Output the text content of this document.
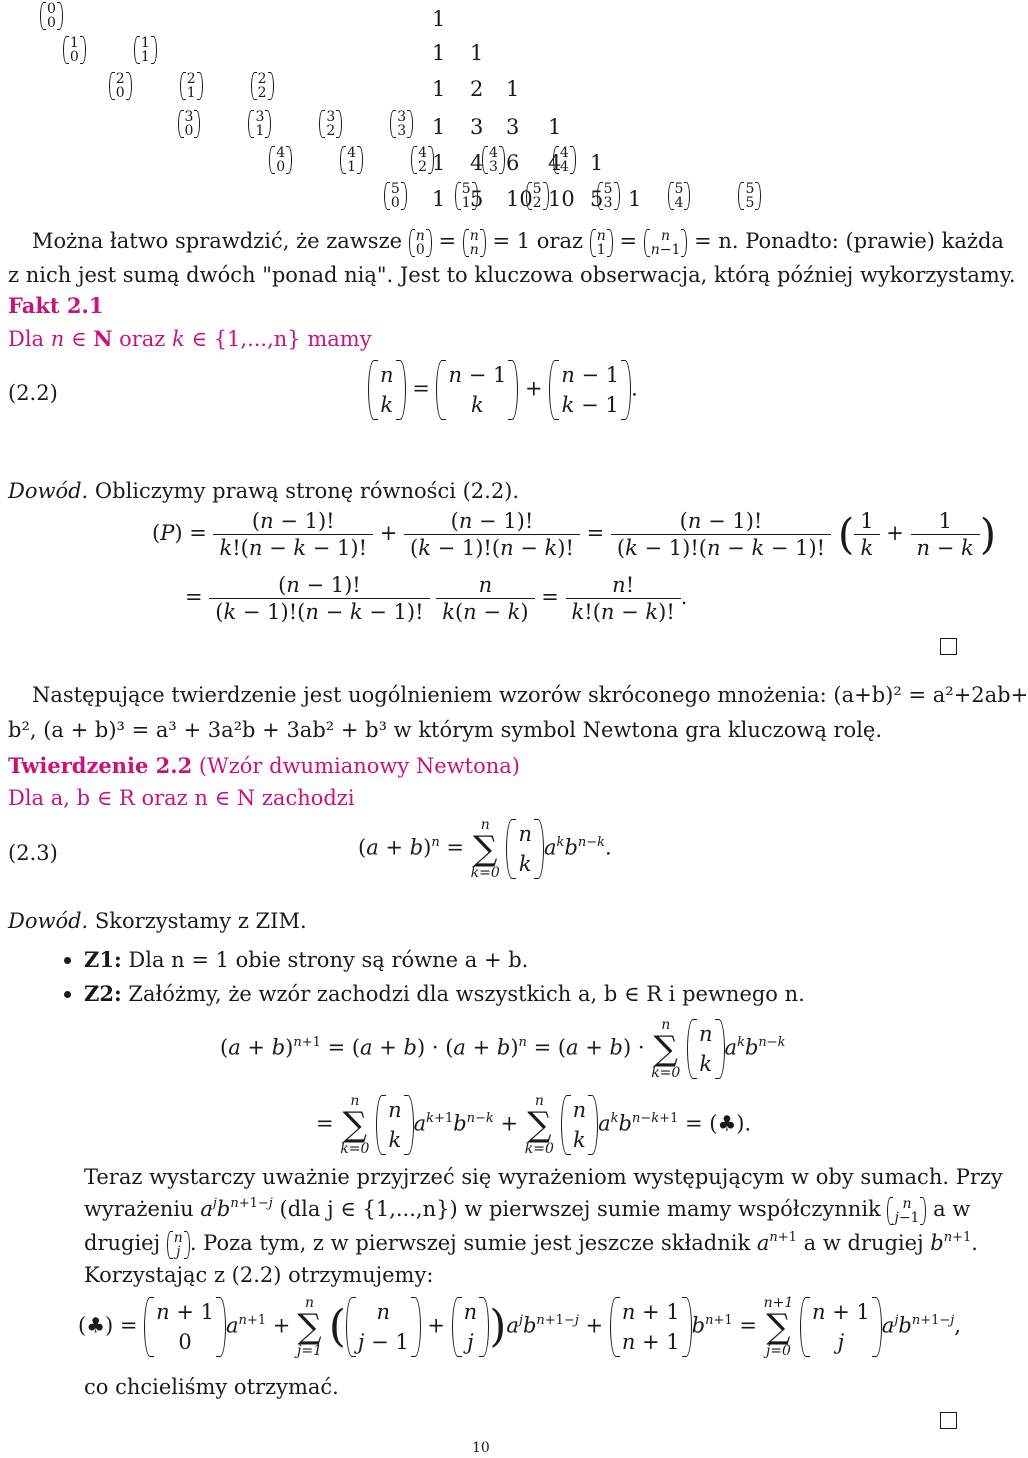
0
0
1
0
1
1
2
0
2
1
2
2
3
0
3
1
3
2
3
3
4
0
4
1
4
2
4
3
4
4
5
0
5
1
5
2
5
3
5
4
5
5
1
1 1
1 2 1
1 3 3 1
1 4 6 4 1
1 5 10 10 5 1
Można łatwo sprawdzić, że zawsze n
0 = n
n = 1 oraz n
1 =	n
n−1 = n. Ponadto: (prawie) każda
z nich jest sumą dwóch "ponad nią". Jest to kluczowa obserwacja, którą później wykorzystamy.
Fakt 2.1
Dla n ∈ N oraz k ∈ {1,...,n} mamy
(2.2)
n
k
=
n − 1
k
+
n − 1
k − 1
.
Dowód. Obliczymy prawą stronę równości (2.2).
$(P) = \frac{(n - 1)!}{k!(n - k - 1)!} + \frac{(n - 1)!}{(k - 1)!(n - k)!} = \frac{(n - 1)!}{(k - 1)!(n - k - 1)!}$ ( $\frac{1}{k} + \frac{1}{n - k}$ )
= $\frac{(n - 1)!}{(k - 1)!(n - k - 1)!}$
$\frac{n}{k(n - k)} = \frac{n!}{k!(n - k)!}$ .
Następujące twierdzenie jest uogólnieniem wzorów skróconego mnożenia: (a+b)² = a²+2ab+
b², (a + b)³ = a³ + 3a²b + 3ab² + b³ w którym symbol Newtona gra kluczową rolę.
Twierdzenie 2.2 (Wzór dwumianowy Newtona)
Dla a, b ∈ R oraz n ∈ N zachodzi
(2.3)	$(a + b)^n$ =
n
∑
k=0

n
k
$a^kb^{n-k}$.
Dowód. Skorzystamy z ZIM.
Z1: Dla n = 1 obie strony są równe a + b.
Z2: Załóżmy, że wzór zachodzi dla wszystkich a, b ∈ R i pewnego n.
$(a + b)^{n+1} = (a + b) \cdot (a + b)^n = (a + b)$ ·
n
∑
k=0

n
k
$a^kb^{n-k}$
=
n
∑
k=0

n
k
$a^{k+1}b^{n-k}$ +
n
∑
k=0

n
k
$a^kb^{n-k+1}$ = (♣).
Teraz wystarczy uważnie przyjrzeć się wyrażeniom występującym w oby sumach. Przy
wyrażeniu $a^jb^{n+1-j}$ (dla j ∈ {1,...,n}) w pierwszej sumie mamy współczynnik	n
j−1 a w
drugiej n
j . Poza tym, z w pierwszej sumie jest jeszcze składnik $a^{n+1}$ a w drugiej $b^{n+1}$.
Korzystając z (2.2) otrzymujemy:
(♣) =
n + 1
0
$a^{n+1}$ +
n
∑
j=1 (	n
j − 1
+
n
j )$a^jb^{n+1-j}$ +
n + 1
n + 1
$b^{n+1}$ =
n+1
∑
j=0

n + 1
j
$a^jb^{n+1-j}$,
co chcieliśmy otrzymać.
10
